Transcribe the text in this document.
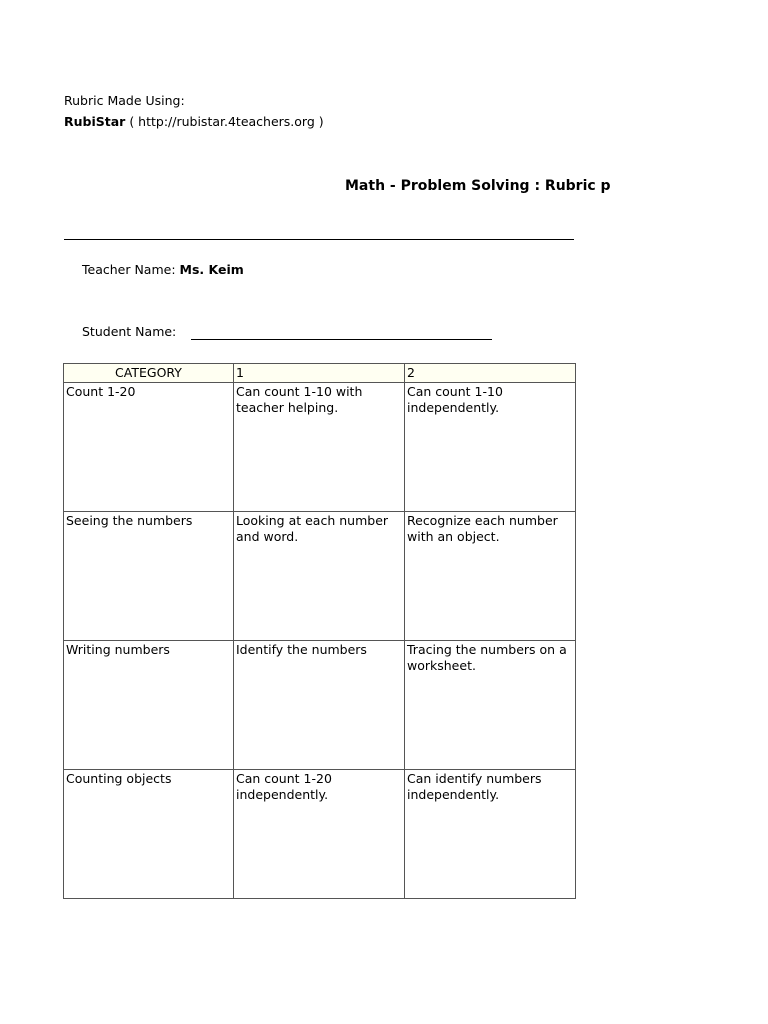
Rubric Made Using:
RubiStar ( http://rubistar.4teachers.org )
Math - Problem Solving : Rubric p
Teacher Name: Ms. Keim
Student Name:
CATEGORY	1	2
Count 1-20	Can count 1-10 with teacher helping.	Can count 1-10 independently.
Seeing the numbers	Looking at each number and word.	Recognize each number with an object.
Writing numbers	Identify the numbers	Tracing the numbers on a worksheet.
Counting objects	Can count 1-20 independently.	Can identify numbers independently.
